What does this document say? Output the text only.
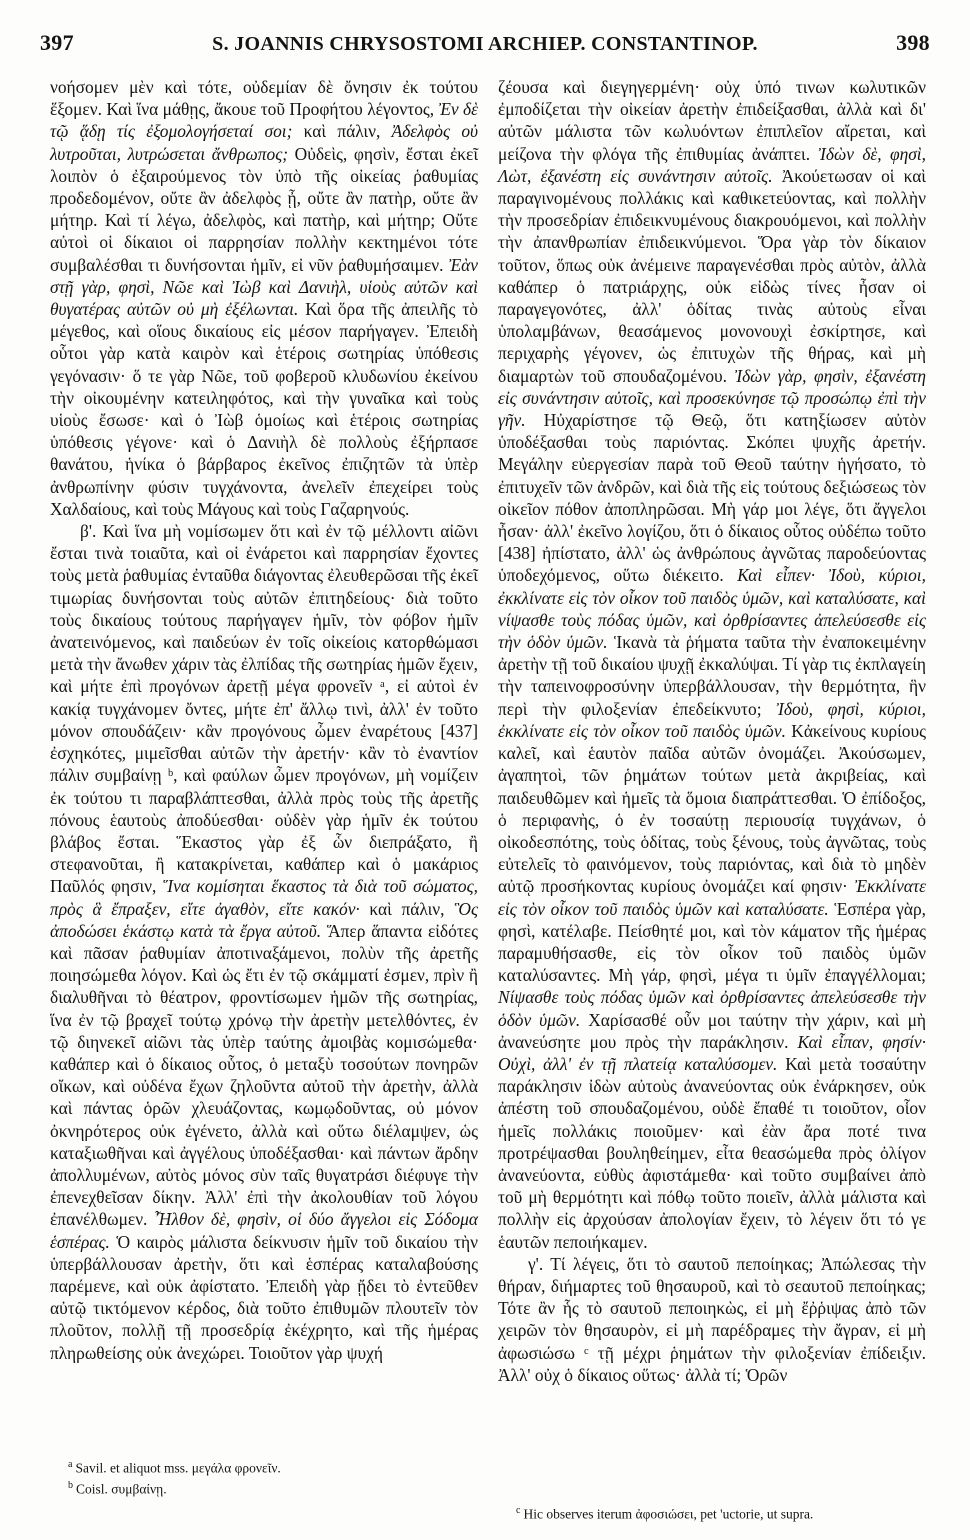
397	S. JOANNIS CHRYSOSTOMI ARCHIEP. CONSTANTINOP.	398

νοήσομεν μὲν καὶ τότε, οὐδεμίαν δὲ ὄνησιν ἐκ τούτου ἕξομεν. Καὶ ἵνα μάθῃς, ἄκουε τοῦ Προφήτου λέγοντος, Ἐν δὲ τῷ ᾅδῃ τίς ἐξομολογήσεταί σοι; καὶ πάλιν, Ἀδελφὸς οὐ λυτροῦται, λυτρώσεται ἄνθρωπος; Οὐδεὶς, φησὶν, ἔσται ἐκεῖ λοιπὸν ὁ ἐξαιρούμενος τὸν ὑπὸ τῆς οἰκείας ῥαθυμίας προδεδομένον, οὔτε ἂν ἀδελφὸς ᾖ, οὔτε ἂν πατὴρ, οὔτε ἂν μήτηρ. Καὶ τί λέγω, ἀδελφὸς, καὶ πατὴρ, καὶ μήτηρ; Οὔτε αὐτοὶ οἱ δίκαιοι οἱ παρρησίαν πολλὴν κεκτημένοι τότε συμβαλέσθαι τι δυνήσονται ἡμῖν, εἰ νῦν ῥαθυμήσαιμεν. Ἐὰν στῇ γὰρ, φησὶ, Νῶε καὶ Ἰὼβ καὶ Δανιὴλ, υἱοὺς αὐτῶν καὶ θυγατέρας αὐτῶν οὐ μὴ ἐξέλωνται. Καὶ ὅρα τῆς ἀπειλῆς τὸ μέγεθος, καὶ οἵους δικαίους εἰς μέσον παρήγαγεν. Ἐπειδὴ οὗτοι γὰρ κατὰ καιρὸν καὶ ἑτέροις σωτηρίας ὑπόθεσις γεγόνασιν· ὅ τε γὰρ Νῶε, τοῦ φοβεροῦ κλυδωνίου ἐκείνου τὴν οἰκουμένην κατειληφότος, καὶ τὴν γυναῖκα καὶ τοὺς υἱοὺς ἔσωσε· καὶ ὁ Ἰὼβ ὁμοίως καὶ ἑτέροις σωτηρίας ὑπόθεσις γέγονε· καὶ ὁ Δανιὴλ δὲ πολλοὺς ἐξήρπασε θανάτου, ἡνίκα ὁ βάρβαρος ἐκεῖνος ἐπιζητῶν τὰ ὑπὲρ ἀνθρωπίνην φύσιν τυγχάνοντα, ἀνελεῖν ἐπεχείρει τοὺς Χαλδαίους, καὶ τοὺς Μάγους καὶ τοὺς Γαζαρηνούς.

β'. Καὶ ἵνα μὴ νομίσωμεν ὅτι καὶ ἐν τῷ μέλλοντι αἰῶνι ἔσται τινὰ τοιαῦτα, καὶ οἱ ἐνάρετοι καὶ παρρησίαν ἔχοντες τοὺς μετὰ ῥαθυμίας ἐνταῦθα διάγοντας ἐλευθερῶσαι τῆς ἐκεῖ τιμωρίας δυνήσονται τοὺς αὐτῶν ἐπιτηδείους· διὰ τοῦτο τοὺς δικαίους τούτους παρήγαγεν ἡμῖν, τὸν φόβον ἡμῖν ἀνατεινόμενος, καὶ παιδεύων ἐν τοῖς οἰκείοις κατορθώμασι μετὰ τὴν ἄνωθεν χάριν τὰς ἐλπίδας τῆς σωτηρίας ἡμῶν ἔχειν, καὶ μήτε ἐπὶ προγόνων ἀρετῇ μέγα φρονεῖν ᵃ, εἰ αὐτοὶ ἐν κακίᾳ τυγχάνομεν ὄντες, μήτε ἐπ' ἄλλῳ τινὶ, ἀλλ' ἐν τοῦτο μόνον σπουδάζειν· κἂν προγόνους ὦμεν ἐναρέτους [437] ἐσχηκότες, μιμεῖσθαι αὐτῶν τὴν ἀρετήν· κἂν τὸ ἐναντίον πάλιν συμβαίνῃ ᵇ, καὶ φαύλων ὦμεν προγόνων, μὴ νομίζειν ἐκ τούτου τι παραβλάπτεσθαι, ἀλλὰ πρὸς τοὺς τῆς ἀρετῆς πόνους ἑαυτοὺς ἀποδύεσθαι· οὐδὲν γὰρ ἡμῖν ἐκ τούτου βλάβος ἔσται. Ἕκαστος γὰρ ἐξ ὧν διεπράξατο, ἢ στεφανοῦται, ἢ κατακρίνεται, καθάπερ καὶ ὁ μακάριος Παῦλός φησιν, Ἵνα κομίσηται ἕκαστος τὰ διὰ τοῦ σώματος, πρὸς ἃ ἔπραξεν, εἴτε ἀγαθὸν, εἴτε κακόν· καὶ πάλιν, Ὃς ἀποδώσει ἑκάστῳ κατὰ τὰ ἔργα αὐτοῦ. Ἅπερ ἅπαντα εἰδότες καὶ πᾶσαν ῥαθυμίαν ἀποτιναξάμενοι, πολὺν τῆς ἀρετῆς ποιησώμεθα λόγον. Καὶ ὡς ἔτι ἐν τῷ σκάμματί ἐσμεν, πρὶν ἢ διαλυθῆναι τὸ θέατρον, φροντίσωμεν ἡμῶν τῆς σωτηρίας, ἵνα ἐν τῷ βραχεῖ τούτῳ χρόνῳ τὴν ἀρετὴν μετελθόντες, ἐν τῷ διηνεκεῖ αἰῶνι τὰς ὑπὲρ ταύτης ἀμοιβὰς κομισώμεθα· καθάπερ καὶ ὁ δίκαιος οὗτος, ὁ μεταξὺ τοσούτων πονηρῶν οἴκων, καὶ οὐδένα ἔχων ζηλοῦντα αὐτοῦ τὴν ἀρετὴν, ἀλλὰ καὶ πάντας ὁρῶν χλευάζοντας, κωμῳδοῦντας, οὐ μόνον ὀκνηρότερος οὐκ ἐγένετο, ἀλλὰ καὶ οὕτω διέλαμψεν, ὡς καταξιωθῆναι καὶ ἀγγέλους ὑποδέξασθαι· καὶ πάντων ἄρδην ἀπολλυμένων, αὐτὸς μόνος σὺν ταῖς θυγατράσι διέφυγε τὴν ἐπενεχθεῖσαν δίκην. Ἀλλ' ἐπὶ τὴν ἀκολουθίαν τοῦ λόγου ἐπανέλθωμεν. Ἦλθον δὲ, φησὶν, οἱ δύο ἄγγελοι εἰς Σόδομα ἑσπέρας. Ὁ καιρὸς μάλιστα δείκνυσιν ἡμῖν τοῦ δικαίου τὴν ὑπερβάλλουσαν ἀρετὴν, ὅτι καὶ ἑσπέρας καταλαβούσης παρέμενε, καὶ οὐκ ἀφίστατο. Ἐπειδὴ γὰρ ᾔδει τὸ ἐντεῦθεν αὐτῷ τικτόμενον κέρδος, διὰ τοῦτο ἐπιθυμῶν πλουτεῖν τὸν πλοῦτον, πολλῇ τῇ προσεδρίᾳ ἐκέχρητο, καὶ τῆς ἡμέρας πληρωθείσης οὐκ ἀνεχώρει. Τοιοῦτον γὰρ ψυχή

$^a$ Savil. et aliquot mss. μεγάλα φρονεῖν.

$^b$ Coisl. συμβαίνῃ.

ζέουσα καὶ διεγηγερμένη· οὐχ ὑπό τινων κωλυτικῶν ἐμποδίζεται τὴν οἰκείαν ἀρετὴν ἐπιδείξασθαι, ἀλλὰ καὶ δι' αὐτῶν μάλιστα τῶν κωλυόντων ἐπιπλεῖον αἴρεται, καὶ μείζονα τὴν φλόγα τῆς ἐπιθυμίας ἀνάπτει. Ἰδὼν δὲ, φησὶ, Λὼτ, ἐξανέστη εἰς συνάντησιν αὐτοῖς. Ἀκούετωσαν οἱ καὶ παραγινομένους πολλάκις καὶ καθικετεύοντας, καὶ πολλὴν τὴν προσεδρίαν ἐπιδεικνυμένους διακρουόμενοι, καὶ πολλὴν τὴν ἀπανθρωπίαν ἐπιδεικνύμενοι. Ὅρα γὰρ τὸν δίκαιον τοῦτον, ὅπως οὐκ ἀνέμεινε παραγενέσθαι πρὸς αὐτὸν, ἀλλὰ καθάπερ ὁ πατριάρχης, οὐκ εἰδὼς τίνες ἦσαν οἱ παραγεγονότες, ἀλλ' ὁδίτας τινὰς αὐτοὺς εἶναι ὑπολαμβάνων, θεασάμενος μονονουχὶ ἐσκίρτησε, καὶ περιχαρὴς γέγονεν, ὡς ἐπιτυχὼν τῆς θήρας, καὶ μὴ διαμαρτὼν τοῦ σπουδαζομένου. Ἰδὼν γὰρ, φησὶν, ἐξανέστη εἰς συνάντησιν αὐτοῖς, καὶ προσεκύνησε τῷ προσώπῳ ἐπὶ τὴν γῆν. Ηὐχαρίστησε τῷ Θεῷ, ὅτι κατηξίωσεν αὐτὸν ὑποδέξασθαι τοὺς παριόντας. Σκόπει ψυχῆς ἀρετήν. Μεγάλην εὐεργεσίαν παρὰ τοῦ Θεοῦ ταύτην ἡγήσατο, τὸ ἐπιτυχεῖν τῶν ἀνδρῶν, καὶ διὰ τῆς εἰς τούτους δεξιώσεως τὸν οἰκεῖον πόθον ἀποπληρῶσαι. Μὴ γάρ μοι λέγε, ὅτι ἄγγελοι ἦσαν· ἀλλ' ἐκεῖνο λογίζου, ὅτι ὁ δίκαιος οὗτος οὐδέπω τοῦτο [438] ἠπίστατο, ἀλλ' ὡς ἀνθρώπους ἀγνῶτας παροδεύοντας ὑποδεχόμενος, οὕτω διέκειτο. Καὶ εἶπεν· Ἰδοὺ, κύριοι, ἐκκλίνατε εἰς τὸν οἶκον τοῦ παιδὸς ὑμῶν, καὶ καταλύσατε, καὶ νίψασθε τοὺς πόδας ὑμῶν, καὶ ὀρθρίσαντες ἀπελεύσεσθε εἰς τὴν ὁδὸν ὑμῶν. Ἱκανὰ τὰ ῥήματα ταῦτα τὴν ἐναποκειμένην ἀρετὴν τῇ τοῦ δικαίου ψυχῇ ἐκκαλύψαι. Τί γὰρ τις ἐκπλαγείη τὴν ταπεινοφροσύνην ὑπερβάλλουσαν, τὴν θερμότητα, ἣν περὶ τὴν φιλοξενίαν ἐπεδείκνυτο; Ἰδοὺ, φησὶ, κύριοι, ἐκκλίνατε εἰς τὸν οἶκον τοῦ παιδὸς ὑμῶν. Κἀκείνους κυρίους καλεῖ, καὶ ἑαυτὸν παῖδα αὐτῶν ὀνομάζει. Ἀκούσωμεν, ἀγαπητοὶ, τῶν ῥημάτων τούτων μετὰ ἀκριβείας, καὶ παιδευθῶμεν καὶ ἡμεῖς τὰ ὅμοια διαπράττεσθαι. Ὁ ἐπίδοξος, ὁ περιφανὴς, ὁ ἐν τοσαύτῃ περιουσίᾳ τυγχάνων, ὁ οἰκοδεσπότης, τοὺς ὁδίτας, τοὺς ξένους, τοὺς ἀγνῶτας, τοὺς εὐτελεῖς τὸ φαινόμενον, τοὺς παριόντας, καὶ διὰ τὸ μηδὲν αὐτῷ προσήκοντας κυρίους ὀνομάζει καί φησιν· Ἐκκλίνατε εἰς τὸν οἶκον τοῦ παιδὸς ὑμῶν καὶ καταλύσατε. Ἑσπέρα γὰρ, φησὶ, κατέλαβε. Πείσθητέ μοι, καὶ τὸν κάματον τῆς ἡμέρας παραμυθήσασθε, εἰς τὸν οἶκον τοῦ παιδὸς ὑμῶν καταλύσαντες. Μὴ γάρ, φησὶ, μέγα τι ὑμῖν ἐπαγγέλλομαι; Νίψασθε τοὺς πόδας ὑμῶν καὶ ὀρθρίσαντες ἀπελεύσεσθε τὴν ὁδὸν ὑμῶν. Χαρίσασθέ οὖν μοι ταύτην τὴν χάριν, καὶ μὴ ἀνανεύσητε μου πρὸς τὴν παράκλησιν. Καὶ εἶπαν, φησίν· Οὐχὶ, ἀλλ' ἐν τῇ πλατείᾳ καταλύσομεν. Καὶ μετὰ τοσαύτην παράκλησιν ἰδὼν αὐτοὺς ἀνανεύοντας οὐκ ἐνάρκησεν, οὐκ ἀπέστη τοῦ σπουδαζομένου, οὐδὲ ἔπαθέ τι τοιοῦτον, οἷον ἡμεῖς πολλάκις ποιοῦμεν· καὶ ἐὰν ἄρα ποτέ τινα προτρέψασθαι βουληθείημεν, εἶτα θεασώμεθα πρὸς ὀλίγον ἀνανεύοντα, εὐθὺς ἀφιστάμεθα· καὶ τοῦτο συμβαίνει ἀπὸ τοῦ μὴ θερμότητι καὶ πόθῳ τοῦτο ποιεῖν, ἀλλὰ μάλιστα καὶ πολλὴν εἰς ἀρχούσαν ἀπολογίαν ἔχειν, τὸ λέγειν ὅτι τό γε ἑαυτῶν πεποιήκαμεν.

γ'. Τί λέγεις, ὅτι τὸ σαυτοῦ πεποίηκας; Ἀπώλεσας τὴν θήραν, διήμαρτες τοῦ θησαυροῦ, καὶ τὸ σεαυτοῦ πεποίηκας; Τότε ἂν ἧς τὸ σαυτοῦ πεποιηκὼς, εἰ μὴ ἔῤῥιψας ἀπὸ τῶν χειρῶν τὸν θησαυρὸν, εἰ μὴ παρέδραμες τὴν ἄγραν, εἰ μὴ ἀφωσιώσω ᶜ τῇ μέχρι ῥημάτων τὴν φιλοξενίαν ἐπίδειξιν. Ἀλλ' οὐχ ὁ δίκαιος οὕτως· ἀλλὰ τί; Ὁρῶν

$^c$ Hic observes iterum ἀφοσιώσει, pet 'uctorie, ut supra.
